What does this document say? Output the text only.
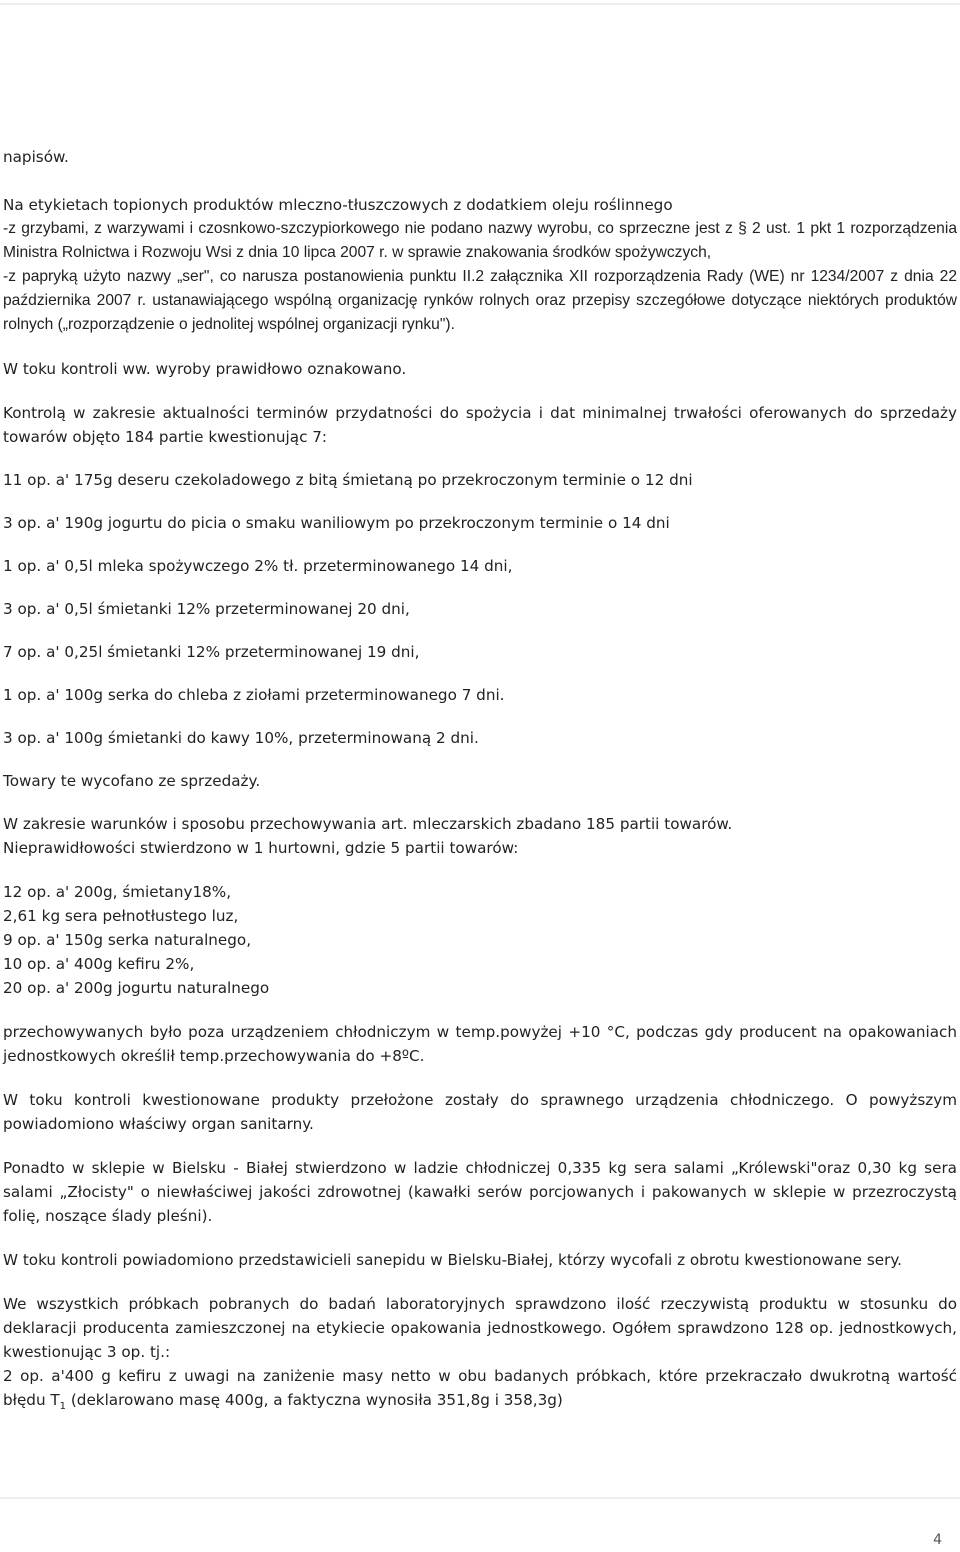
napisów.

Na etykietach topionych produktów mleczno-tłuszczowych z dodatkiem oleju roślinnego

-z grzybami, z warzywami i czosnkowo-szczypiorkowego nie podano nazwy wyrobu, co sprzeczne jest z § 2 ust. 1 pkt 1 rozporządzenia Ministra Rolnictwa i Rozwoju Wsi z dnia 10 lipca 2007 r. w sprawie znakowania środków spożywczych,

-z papryką użyto nazwy „ser", co narusza postanowienia punktu II.2 załącznika XII rozporządzenia Rady (WE) nr 1234/2007 z dnia 22 października 2007 r. ustanawiającego wspólną organizację rynków rolnych oraz przepisy szczegółowe dotyczące niektórych produktów rolnych („rozporządzenie o jednolitej wspólnej organizacji rynku").

W toku kontroli ww. wyroby prawidłowo oznakowano.

Kontrolą w zakresie aktualności terminów przydatności do spożycia i dat minimalnej trwałości oferowanych do sprzedaży towarów objęto 184 partie kwestionując 7:

11 op. a' 175g deseru czekoladowego z bitą śmietaną po przekroczonym terminie o 12 dni

3 op. a' 190g jogurtu do picia o smaku waniliowym po przekroczonym terminie o 14 dni

1 op. a' 0,5l mleka spożywczego 2% tł. przeterminowanego 14 dni,

3 op. a' 0,5l śmietanki 12% przeterminowanej 20 dni,

7 op. a' 0,25l śmietanki 12% przeterminowanej 19 dni,

1 op. a' 100g serka do chleba z ziołami przeterminowanego 7 dni.

3 op. a' 100g śmietanki do kawy 10%, przeterminowaną 2 dni.

Towary te wycofano ze sprzedaży.

W zakresie warunków i sposobu przechowywania art. mleczarskich zbadano 185 partii towarów.

Nieprawidłowości stwierdzono w 1 hurtowni, gdzie 5 partii towarów:

12 op. a' 200g, śmietany18%,

2,61 kg sera pełnotłustego luz,

9 op. a' 150g serka naturalnego,

10 op. a' 400g kefiru 2%,

20 op. a' 200g jogurtu naturalnego

przechowywanych było poza urządzeniem chłodniczym w temp.powyżej +10 °C, podczas gdy producent na opakowaniach jednostkowych określił temp.przechowywania do +8ºC.

W toku kontroli kwestionowane produkty przełożone zostały do sprawnego urządzenia chłodniczego. O powyższym powiadomiono właściwy organ sanitarny.

Ponadto w sklepie w Bielsku - Białej stwierdzono w ladzie chłodniczej 0,335 kg sera salami „Królewski"oraz 0,30 kg sera salami „Złocisty" o niewłaściwej jakości zdrowotnej (kawałki serów porcjowanych i pakowanych w sklepie w przezroczystą folię, noszące ślady pleśni).

W toku kontroli powiadomiono przedstawicieli sanepidu w Bielsku-Białej, którzy wycofali z obrotu kwestionowane sery.

We wszystkich próbkach pobranych do badań laboratoryjnych sprawdzono ilość rzeczywistą produktu w stosunku do deklaracji producenta zamieszczonej na etykiecie opakowania jednostkowego. Ogółem sprawdzono 128 op. jednostkowych, kwestionując 3 op. tj.:

2 op. a'400 g kefiru z uwagi na zaniżenie masy netto w obu badanych próbkach, które przekraczało dwukrotną wartość błędu $T_1$ (deklarowano masę 400g, a faktyczna wynosiła 351,8g i 358,3g)

4
